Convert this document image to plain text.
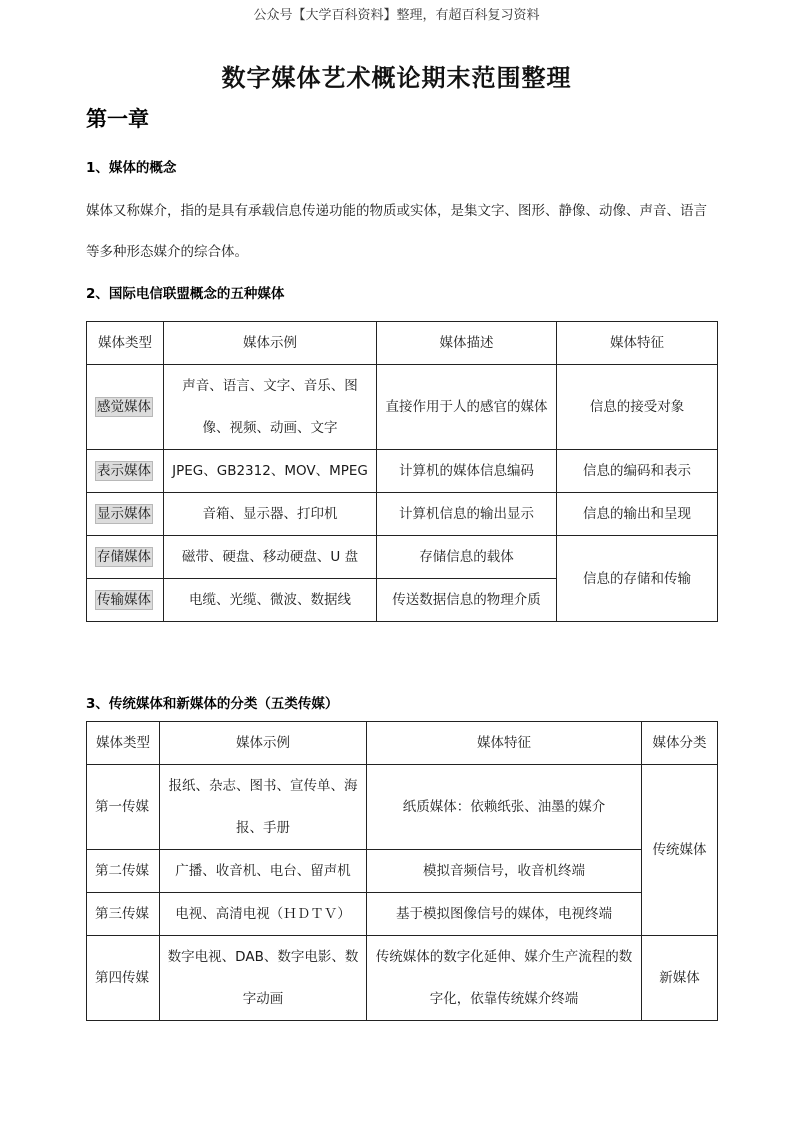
公众号【大学百科资料】整理，有超百科复习资料
数字媒体艺术概论期末范围整理
第一章
1、媒体的概念
媒体又称媒介，指的是具有承载信息传递功能的物质或实体，是集文字、图形、静像、动像、声音、语言
等多种形态媒介的综合体。
2、国际电信联盟概念的五种媒体
媒体类型	媒体示例	媒体描述	媒体特征
感觉媒体	声音、语言、文字、音乐、图像、视频、动画、文字	直接作用于人的感官的媒体	信息的接受对象
表示媒体	JPEG、GB2312、MOV、MPEG	计算机的媒体信息编码	信息的编码和表示
显示媒体	音箱、显示器、打印机	计算机信息的输出显示	信息的输出和呈现
存储媒体	磁带、硬盘、移动硬盘、U 盘	存储信息的载体	信息的存储和传输
传输媒体	电缆、光缆、微波、数据线	传送数据信息的物理介质	
3、传统媒体和新媒体的分类（五类传媒）
媒体类型	媒体示例	媒体特征	媒体分类
第一传媒	报纸、杂志、图书、宣传单、海报、手册	纸质媒体：依赖纸张、油墨的媒介	传统媒体
第二传媒	广播、收音机、电台、留声机	模拟音频信号，收音机终端	
第三传媒	电视、高清电视（ＨＤＴＶ）	基于模拟图像信号的媒体，电视终端	
第四传媒	数字电视、DAB、数字电影、数字动画	传统媒体的数字化延伸、媒介生产流程的数字化，依靠传统媒介终端	新媒体
